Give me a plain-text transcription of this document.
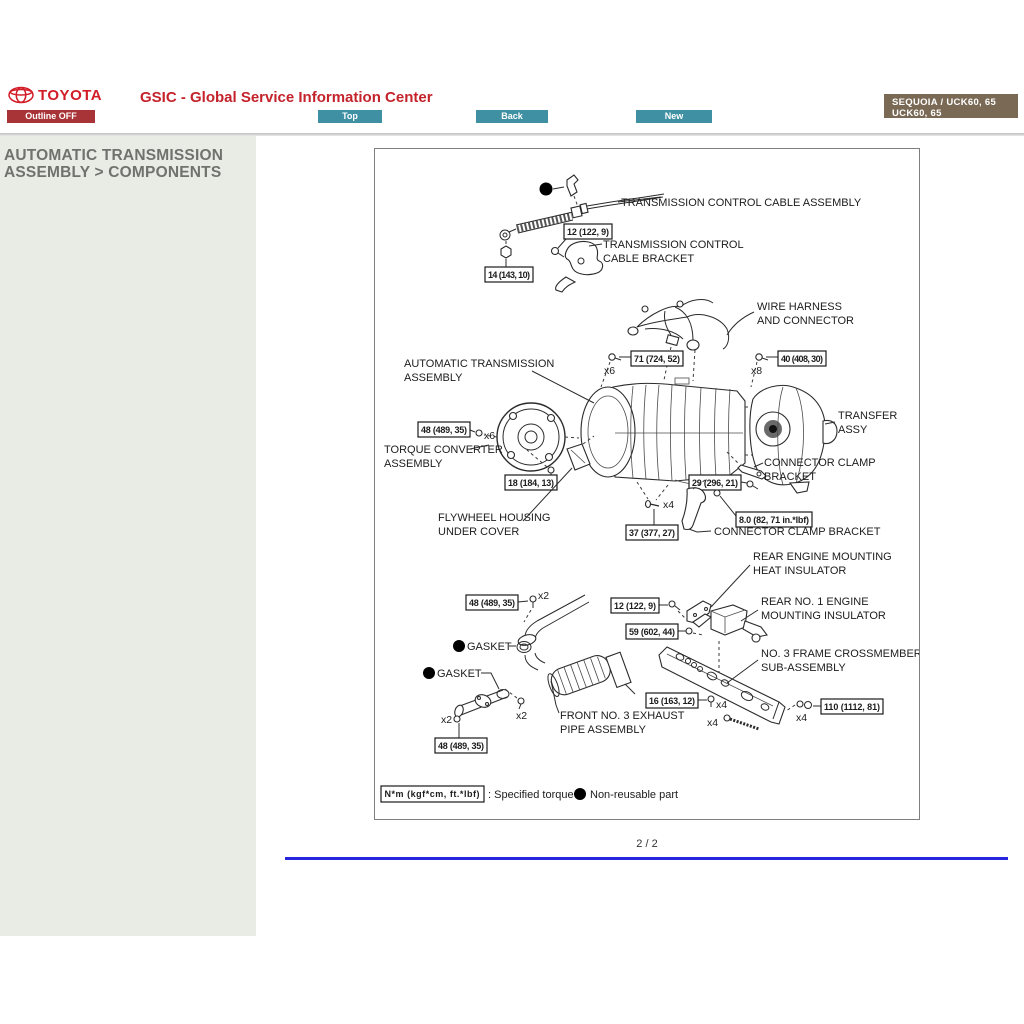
TOYOTA	GSIC - Global Service Information Center
Outline OFF	Top	Back	New
SEQUOIA / UCK60, 65
UCK60, 65
AUTOMATIC TRANSMISSION ASSEMBLY > COMPONENTS
12 (122, 9)
14 (143, 10)
TRANSMISSION CONTROL CABLE ASSEMBLY
TRANSMISSION CONTROL
CABLE BRACKET
WIRE HARNESS
AND CONNECTOR
71 (724, 52)
x6
40 (408, 30)
x8
AUTOMATIC TRANSMISSION
ASSEMBLY
TRANSFER
ASSY
48 (489, 35) x6
TORQUE CONVERTER
ASSEMBLY
18 (184, 13)
FLYWHEEL HOUSING
UNDER COVER
x4
37 (377, 27)
29 (296, 21)
CONNECTOR CLAMP
BRACKET
8.0 (82, 71 in.*lbf)
CONNECTOR CLAMP BRACKET
48 (489, 35)
x2
GASKET
GASKET
x2
48 (489, 35)
x2	FRONT NO. 3 EXHAUST
PIPE ASSEMBLY
12 (122, 9)
59 (602, 44)
REAR ENGINE MOUNTING
HEAT INSULATOR
REAR NO. 1 ENGINE
MOUNTING INSULATOR
NO. 3 FRAME CROSSMEMBER
SUB-ASSEMBLY
16 (163, 12) x4
x4
110 (1112, 81)
x4
N*m (kgf*cm, ft.*lbf) : Specified torque Non-reusable part
2 / 2
